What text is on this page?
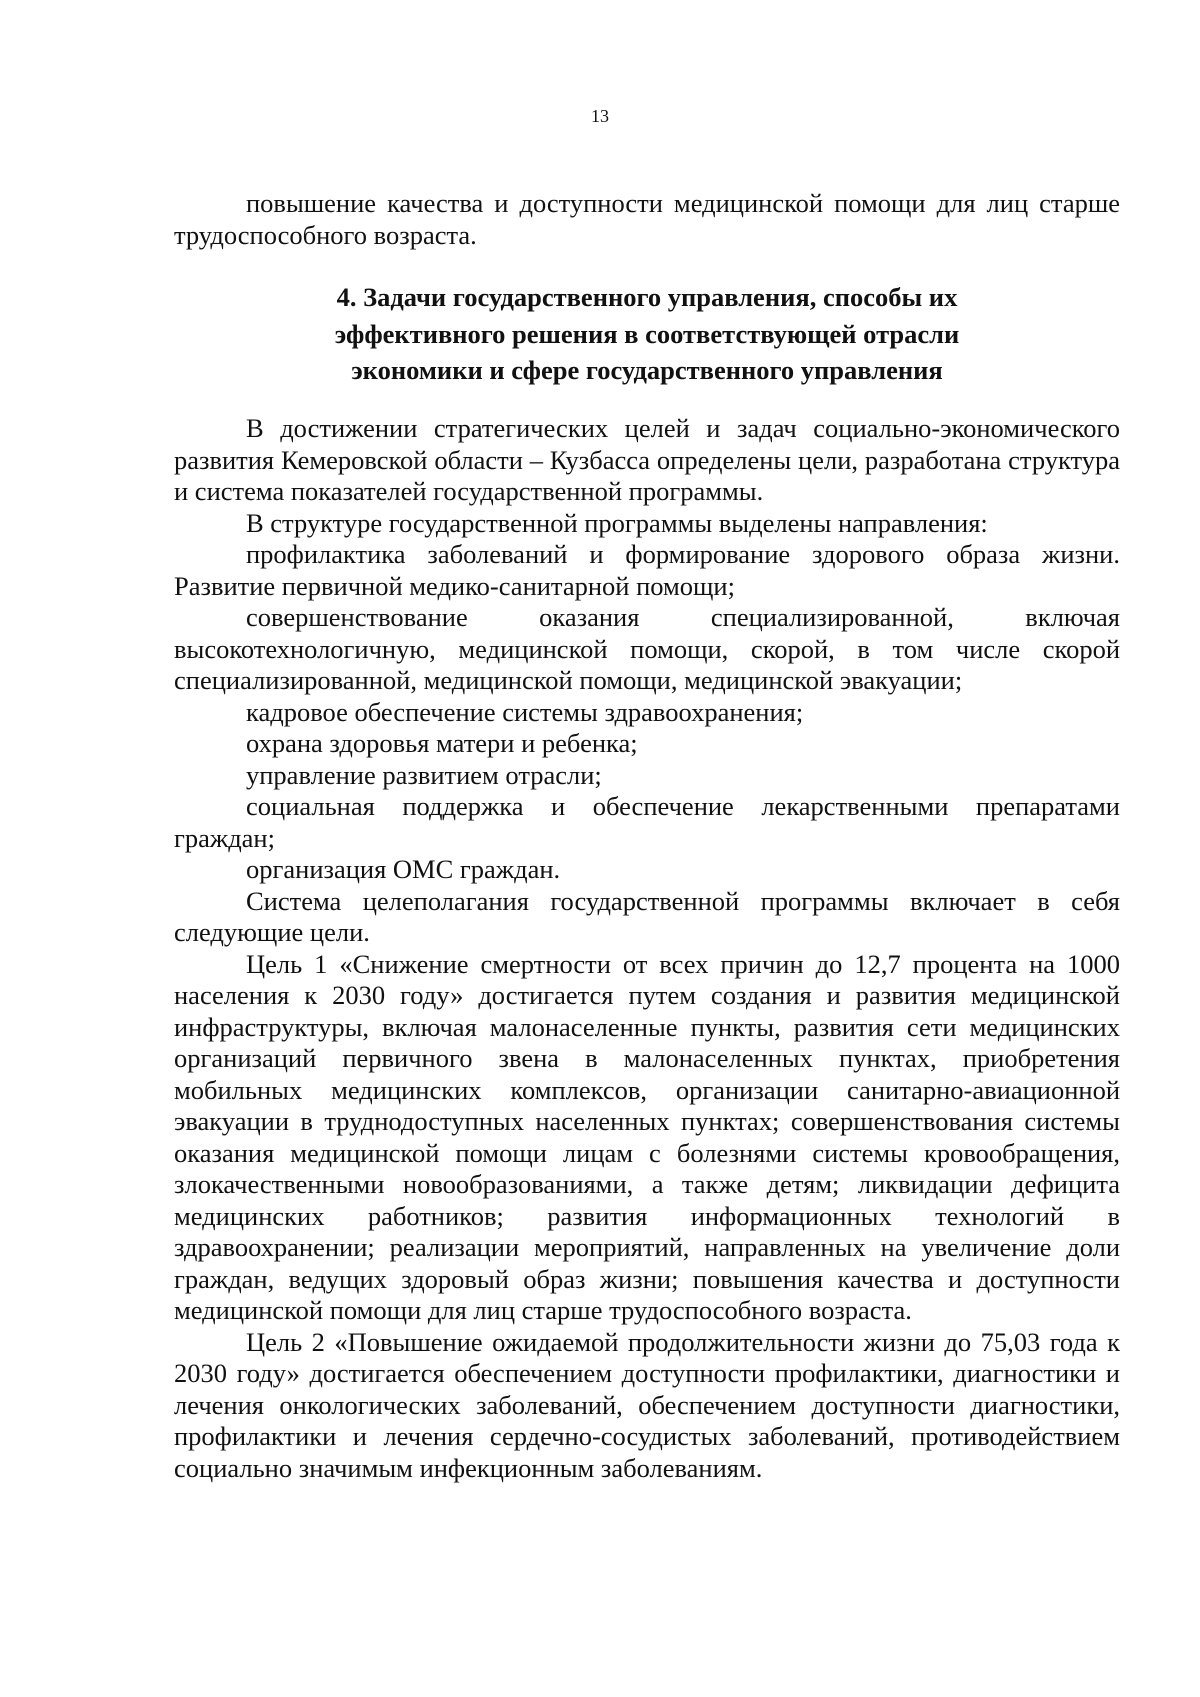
13

повышение качества и доступности медицинской помощи для лиц старше трудоспособного возраста.

4. Задачи государственного управления, способы их
эффективного решения в соответствующей отрасли
экономики и сфере государственного управления

В достижении стратегических целей и задач социально-экономического развития Кемеровской области – Кузбасса определены цели, разработана структура и система показателей государственной программы.

В структуре государственной программы выделены направления:

профилактика заболеваний и формирование здорового образа жизни. Развитие первичной медико-санитарной помощи;

совершенствование оказания специализированной, включая высокотехнологичную, медицинской помощи, скорой, в том числе скорой специализированной, медицинской помощи, медицинской эвакуации;

кадровое обеспечение системы здравоохранения;

охрана здоровья матери и ребенка;

управление развитием отрасли;

социальная поддержка и обеспечение лекарственными препаратами граждан;

организация ОМС граждан.

Система целеполагания государственной программы включает в себя следующие цели.

Цель 1 «Снижение смертности от всех причин до 12,7 процента на 1000 населения к 2030 году» достигается путем создания и развития медицинской инфраструктуры, включая малонаселенные пункты, развития сети медицинских организаций первичного звена в малонаселенных пунктах, приобретения мобильных медицинских комплексов, организации санитарно-авиационной эвакуации в труднодоступных населенных пунктах; совершенствования системы оказания медицинской помощи лицам с болезнями системы кровообращения, злокачественными новообразованиями, а также детям; ликвидации дефицита медицинских работников; развития информационных технологий в здравоохранении; реализации мероприятий, направленных на увеличение доли граждан, ведущих здоровый образ жизни; повышения качества и доступности медицинской помощи для лиц старше трудоспособного возраста.

Цель 2 «Повышение ожидаемой продолжительности жизни до 75,03 года к 2030 году» достигается обеспечением доступности профилактики, диагностики и лечения онкологических заболеваний, обеспечением доступности диагностики, профилактики и лечения сердечно-сосудистых заболеваний, противодействием социально значимым инфекционным заболеваниям.
